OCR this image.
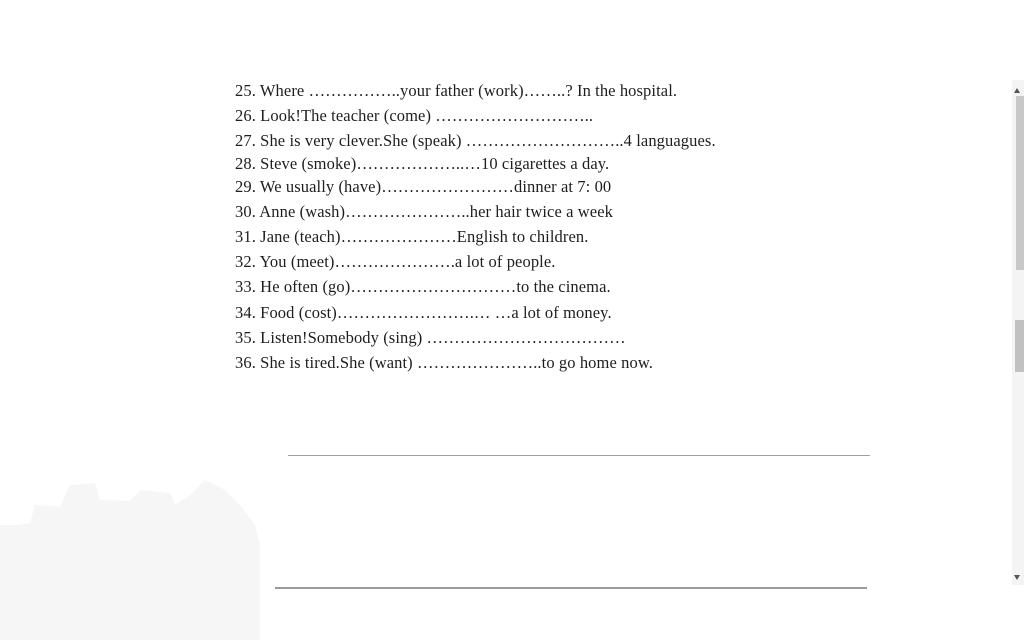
25. Where ……………..your father (work)……..? In the hospital.
26. Look!The teacher (come) ………………………..
27. She is very clever.She (speak) ………………………..4 languagues.
28. Steve (smoke)………………..…10 cigarettes a day.
29. We usually (have)……………………dinner at 7: 00
30. Anne (wash)…………………..her hair twice a week
31. Jane (teach)…………………English to children.
32. You (meet)………………….a lot of people.
33. He often (go)…………………………to the cinema.
34. Food (cost)…………………….… …a lot of money.
35. Listen!Somebody (sing) ………………………………
36. She is tired.She (want) …………………..to go home now.
